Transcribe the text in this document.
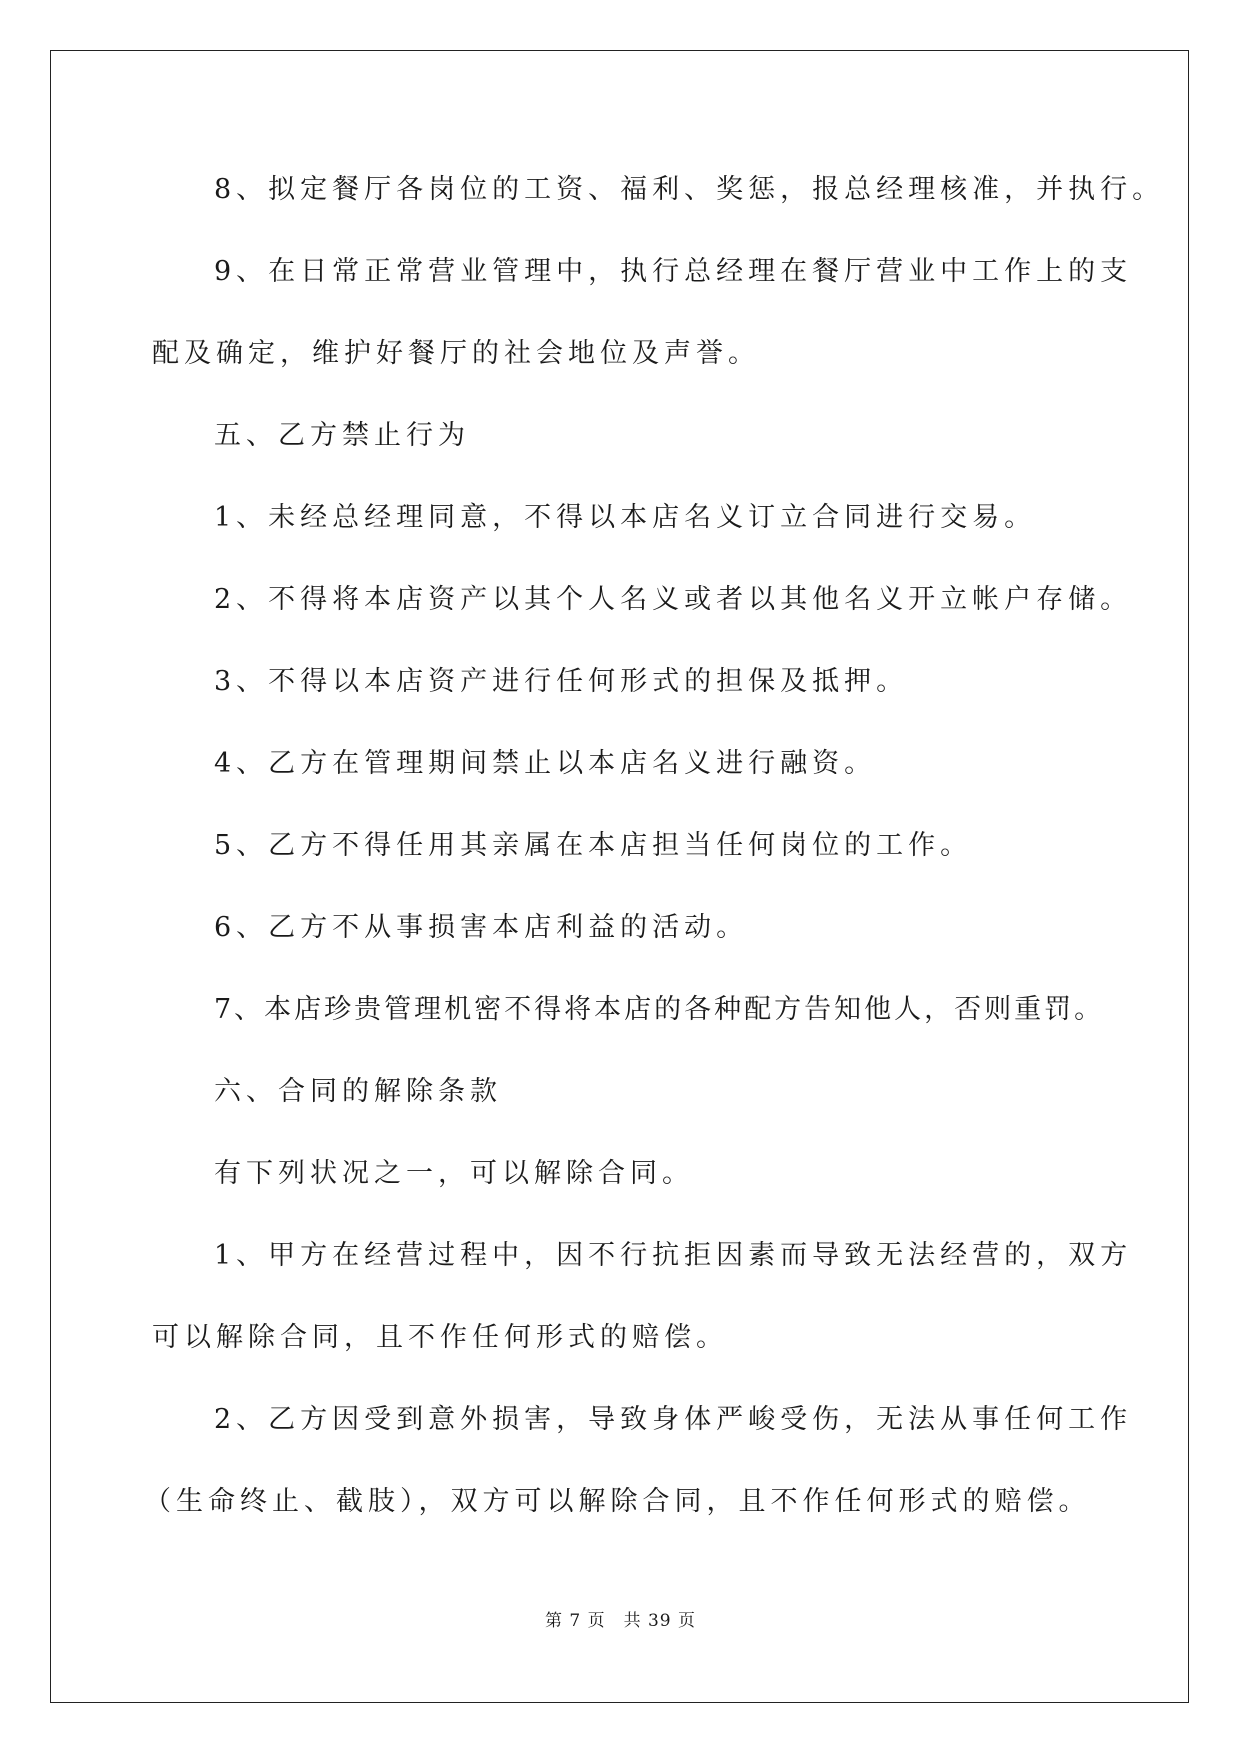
8、拟定餐厅各岗位的工资、福利、奖惩，报总经理核准，并执行。
9、在日常正常营业管理中，执行总经理在餐厅营业中工作上的支
配及确定，维护好餐厅的社会地位及声誉。
五、乙方禁止行为
1、未经总经理同意，不得以本店名义订立合同进行交易。
2、不得将本店资产以其个人名义或者以其他名义开立帐户存储。
3、不得以本店资产进行任何形式的担保及抵押。
4、乙方在管理期间禁止以本店名义进行融资。
5、乙方不得任用其亲属在本店担当任何岗位的工作。
6、乙方不从事损害本店利益的活动。
7、本店珍贵管理机密不得将本店的各种配方告知他人，否则重罚。
六、合同的解除条款
有下列状况之一，可以解除合同。
1、甲方在经营过程中，因不行抗拒因素而导致无法经营的，双方
可以解除合同，且不作任何形式的赔偿。
2、乙方因受到意外损害，导致身体严峻受伤，无法从事任何工作
（生命终止、截肢），双方可以解除合同，且不作任何形式的赔偿。
第 7 页　共 39 页
